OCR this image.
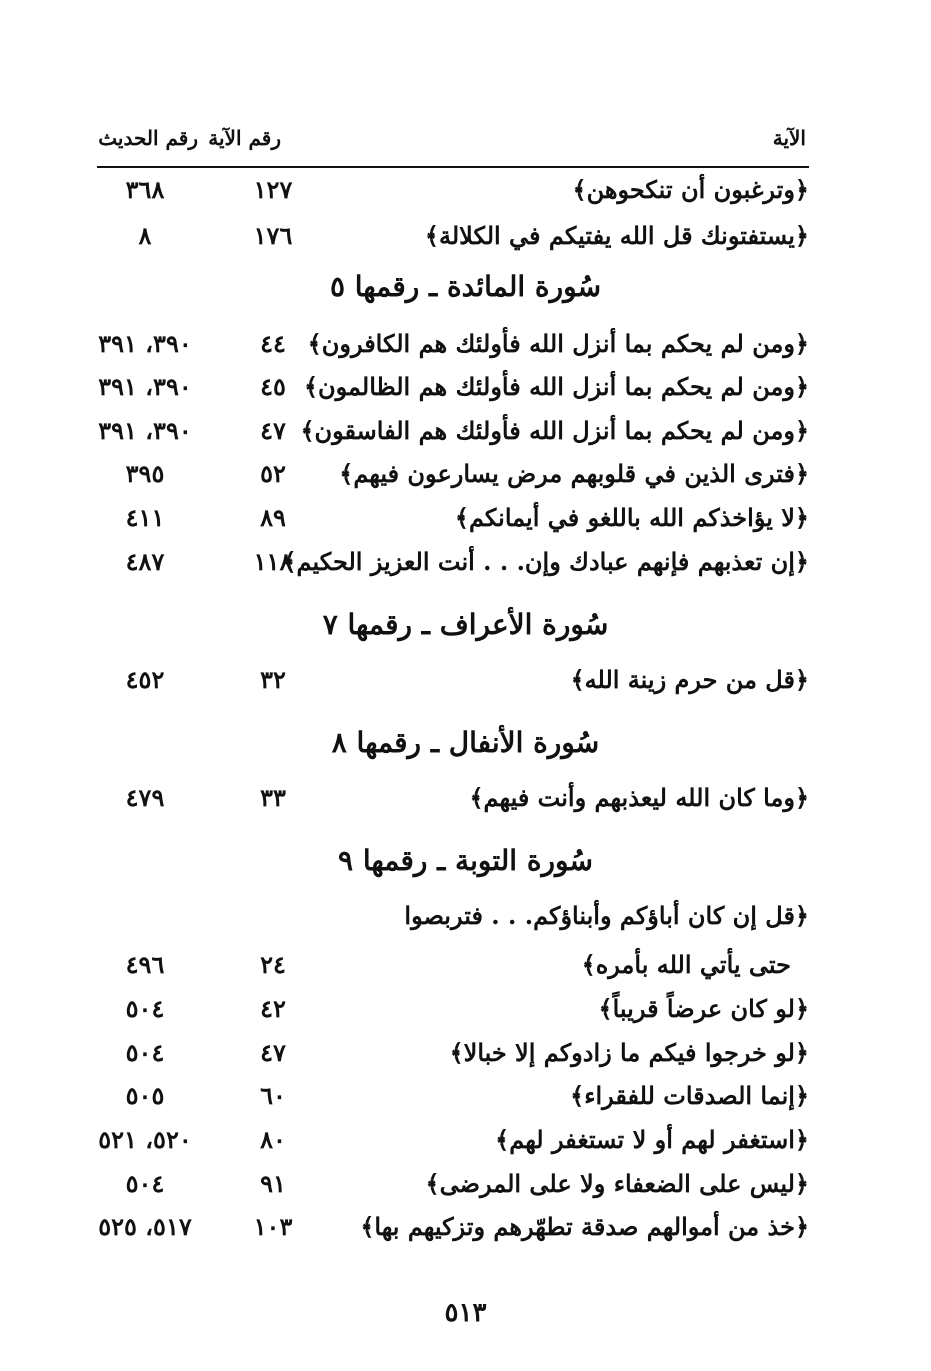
الآية
رقم الآية
رقم الحديث
﴿وترغبون أن تنكحوهن﴾
١٢٧
٣٦٨
﴿يستفتونك قل الله يفتيكم في الكلالة﴾
١٧٦
٨
سُورة المائدة ـ رقمها ٥
﴿ومن لم يحكم بما أنزل الله فأولئك هم الكافرون﴾
٤٤
٣٩٠، ٣٩١
﴿ومن لم يحكم بما أنزل الله فأولئك هم الظالمون﴾
٤٥
٣٩٠، ٣٩١
﴿ومن لم يحكم بما أنزل الله فأولئك هم الفاسقون﴾
٤٧
٣٩٠، ٣٩١
﴿فترى الذين في قلوبهم مرض يسارعون فيهم﴾
٥٢
٣٩٥
﴿لا يؤاخذكم الله باللغو في أيمانكم﴾
٨٩
٤١١
﴿إن تعذبهم فإنهم عبادك وإن. . . أنت العزيز الحكيم﴾
١١٨
٤٨٧
سُورة الأعراف ـ رقمها ٧
﴿قل من حرم زينة الله﴾
٣٢
٤٥٢
سُورة الأنفال ـ رقمها ٨
﴿وما كان الله ليعذبهم وأنت فيهم﴾
٣٣
٤٧٩
سُورة التوبة ـ رقمها ٩
﴿قل إن كان أباؤكم وأبناؤكم. . . فتربصوا
حتى يأتي الله بأمره﴾
٢٤
٤٩٦
﴿لو كان عرضاً قريباً﴾
٤٢
٥٠٤
﴿لو خرجوا فيكم ما زادوكم إلا خبالا﴾
٤٧
٥٠٤
﴿إنما الصدقات للفقراء﴾
٦٠
٥٠٥
﴿استغفر لهم أو لا تستغفر لهم﴾
٨٠
٥٢٠، ٥٢١
﴿ليس على الضعفاء ولا على المرضى﴾
٩١
٥٠٤
﴿خذ من أموالهم صدقة تطهّرهم وتزكيهم بها﴾
١٠٣
٥١٧، ٥٢٥
٥١٣
